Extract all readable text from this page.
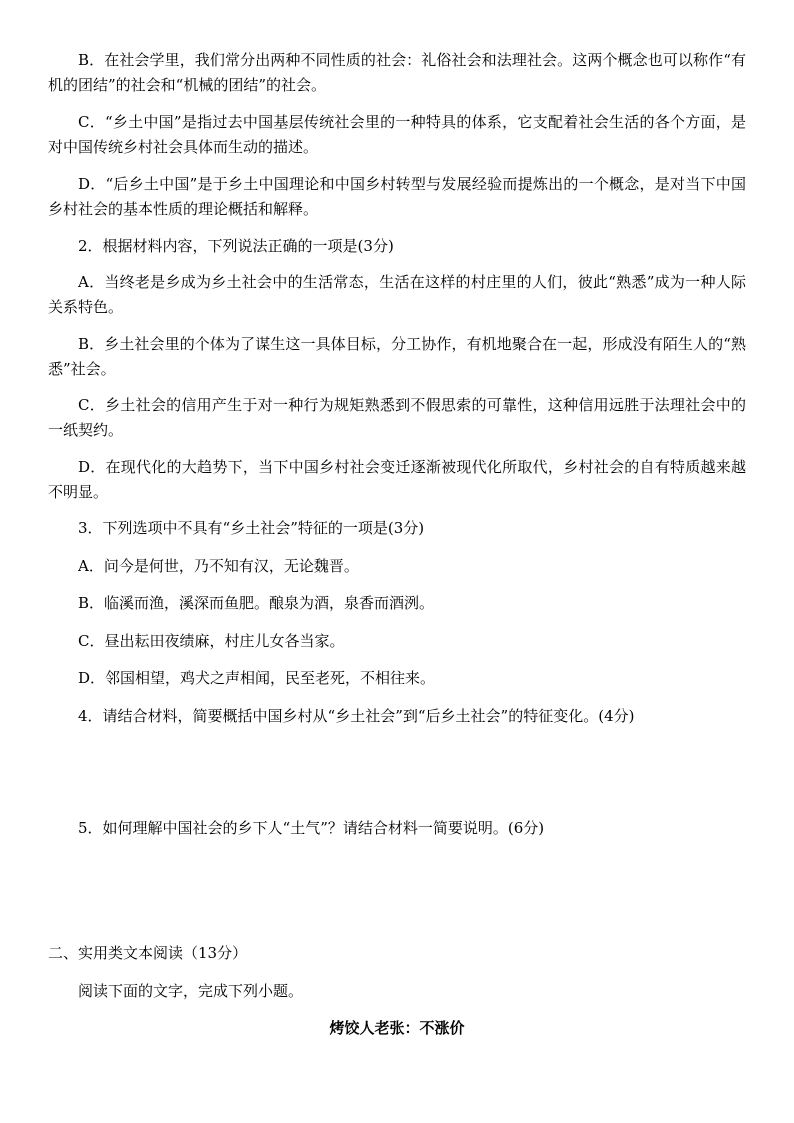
B．在社会学里，我们常分出两种不同性质的社会：礼俗社会和法理社会。这两个概念也可以称作“有机的团结”的社会和“机械的团结”的社会。

C．“乡土中国”是指过去中国基层传统社会里的一种特具的体系，它支配着社会生活的各个方面，是对中国传统乡村社会具体而生动的描述。

D．“后乡土中国”是于乡土中国理论和中国乡村转型与发展经验而提炼出的一个概念，是对当下中国乡村社会的基本性质的理论概括和解释。

2．根据材料内容，下列说法正确的一项是(3分)

A．当终老是乡成为乡土社会中的生活常态，生活在这样的村庄里的人们，彼此“熟悉”成为一种人际关系特色。

B．乡土社会里的个体为了谋生这一具体目标，分工协作，有机地聚合在一起，形成没有陌生人的“熟悉”社会。

C．乡土社会的信用产生于对一种行为规矩熟悉到不假思索的可靠性，这种信用远胜于法理社会中的一纸契约。

D．在现代化的大趋势下，当下中国乡村社会变迁逐渐被现代化所取代，乡村社会的自有特质越来越不明显。

3．下列选项中不具有“乡土社会”特征的一项是(3分)

A．问今是何世，乃不知有汉，无论魏晋。

B．临溪而渔，溪深而鱼肥。酿泉为酒，泉香而酒洌。

C．昼出耘田夜绩麻，村庄儿女各当家。

D．邻国相望，鸡犬之声相闻，民至老死，不相往来。

4．请结合材料，简要概括中国乡村从“乡土社会”到“后乡土社会”的特征变化。(4分)

5．如何理解中国社会的乡下人“土气”？请结合材料一简要说明。(6分)

二、实用类文本阅读（13分）

阅读下面的文字，完成下列小题。

烤饺人老张：不涨价
